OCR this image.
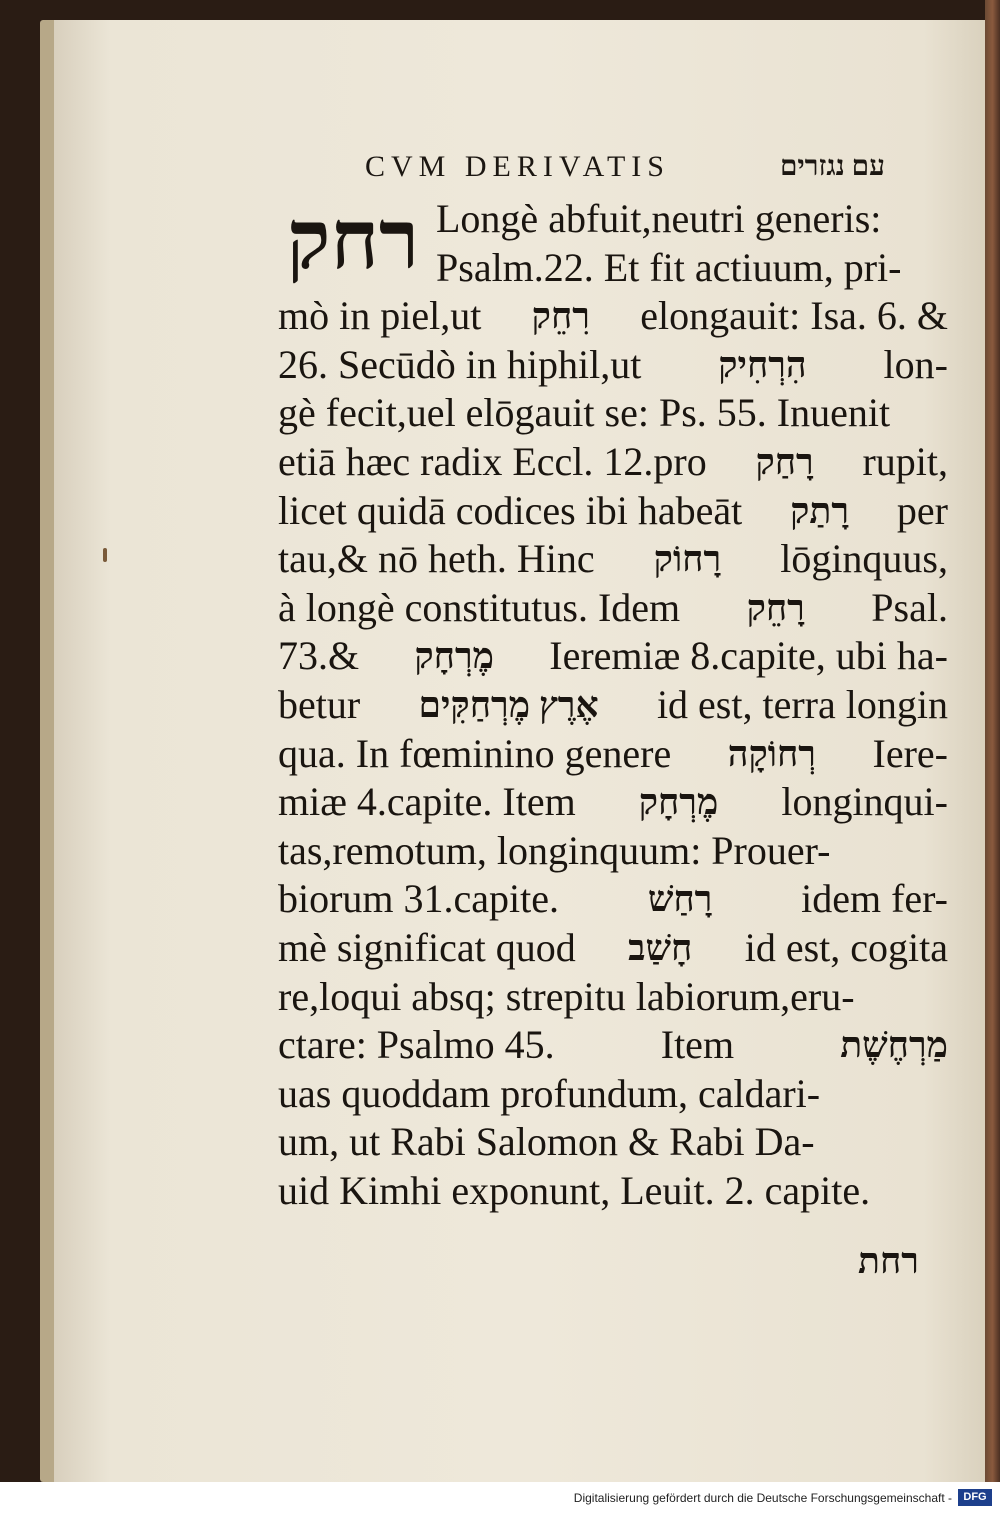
CVM DERIVATIS	עם נגזרים
רחק Longè abfuit,neutri generis:
Psalm.22. Et fit actiuum, pri-
mò in piel,ut רִחֵק elongauit: Isa. 6. &
26. Secūdò in hiphil,ut הִרְחִיק lon-
gè fecit,uel elōgauit se: Ps. 55. Inuenit
etiā hæc radix Eccl. 12.pro רָחַק rupit,
licet quidā codices ibi habeāt רָתַק per
tau,& nō heth. Hinc רָחוֹק lōginquus,
à longè constitutus. Idem רָחֵק Psal.
73.& מֶרְחָק Ieremiæ 8.capite, ubi ha-
betur אֶרֶץ מֶרְחַקִּים id est, terra longin
qua. In fœminino genere רְחוֹקָה Iere-
miæ 4.capite. Item מֶרְחָק longinqui-
tas,remotum, longinquum: Prouer-
biorum 31.capite. רָחַשׁ idem fer-
mè significat quod חָשַׁב id est, cogita
re,loqui absq; strepitu labiorum,eru-
ctare: Psalmo 45.	Item	מַרְחֶשֶׁת
uas quoddam profundum, caldari-
um, ut Rabi Salomon & Rabi Da-
uid Kimhi exponunt, Leuit. 2. capite.
רחת
Digitalisierung gefördert durch die Deutsche Forschungsgemeinschaft -	DFG
